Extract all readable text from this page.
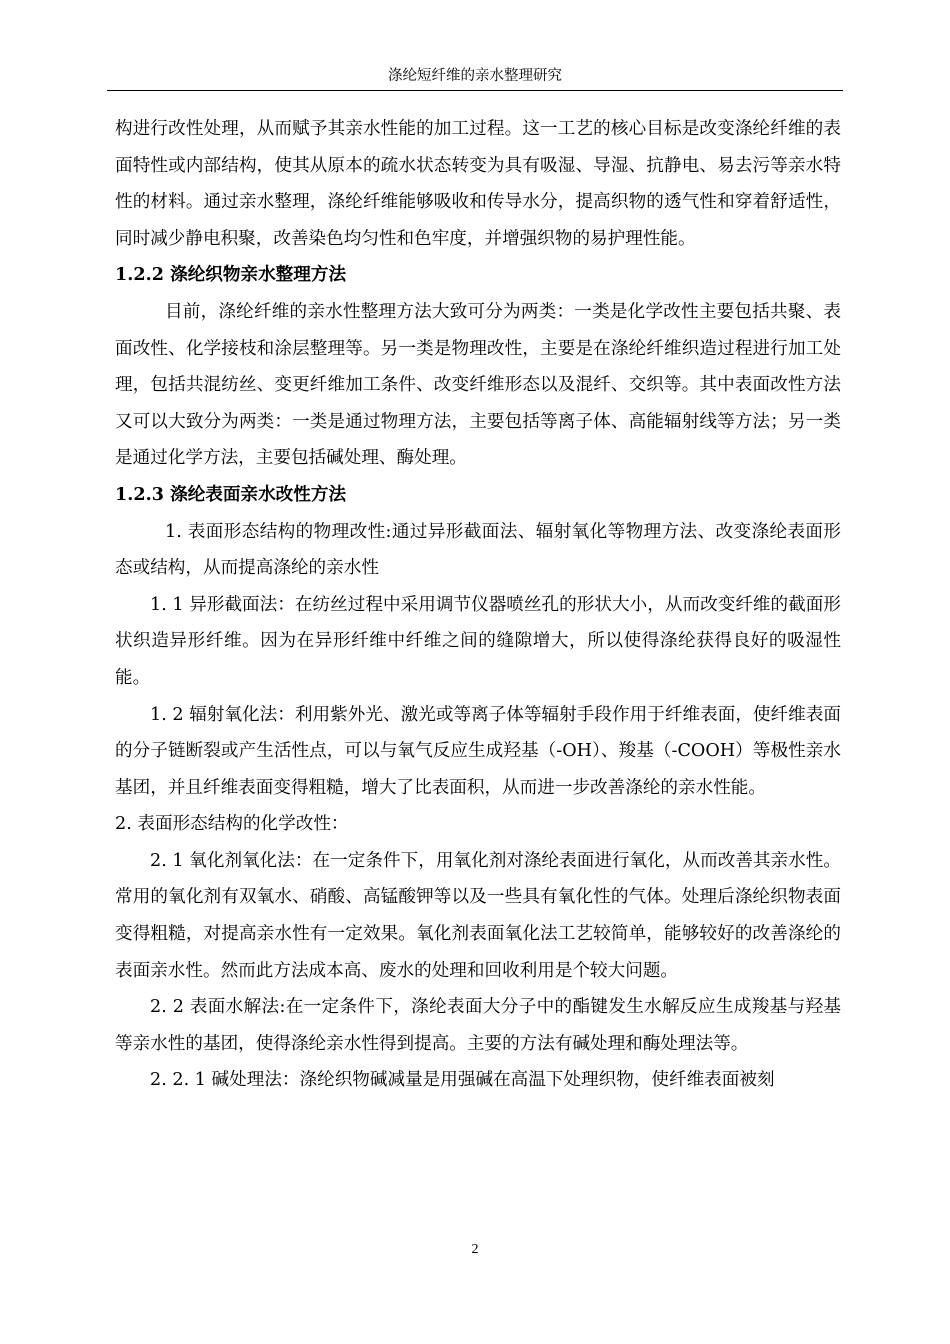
涤纶短纤维的亲水整理研究

构进行改性处理，从而赋予其亲水性能的加工过程。这一工艺的核心目标是改变涤纶纤维的表面特性或内部结构，使其从原本的疏水状态转变为具有吸湿、导湿、抗静电、易去污等亲水特性的材料。通过亲水整理，涤纶纤维能够吸收和传导水分，提高织物的透气性和穿着舒适性，同时减少静电积聚，改善染色均匀性和色牢度，并增强织物的易护理性能。

1.2.2 涤纶织物亲水整理方法

目前，涤纶纤维的亲水性整理方法大致可分为两类：一类是化学改性主要包括共聚、表面改性、化学接枝和涂层整理等。另一类是物理改性，主要是在涤纶纤维织造过程进行加工处理，包括共混纺丝、变更纤维加工条件、改变纤维形态以及混纤、交织等。其中表面改性方法又可以大致分为两类：一类是通过物理方法，主要包括等离子体、高能辐射线等方法；另一类是通过化学方法，主要包括碱处理、酶处理。

1.2.3 涤纶表面亲水改性方法

1. 表面形态结构的物理改性:通过异形截面法、辐射氧化等物理方法、改变涤纶表面形态或结构，从而提高涤纶的亲水性

1. 1 异形截面法：在纺丝过程中采用调节仪器喷丝孔的形状大小，从而改变纤维的截面形状织造异形纤维。因为在异形纤维中纤维之间的缝隙增大，所以使得涤纶获得良好的吸湿性能。

1. 2 辐射氧化法：利用紫外光、激光或等离子体等辐射手段作用于纤维表面，使纤维表面的分子链断裂或产生活性点，可以与氧气反应生成羟基（-OH）、羧基（-COOH）等极性亲水基团，并且纤维表面变得粗糙，增大了比表面积，从而进一步改善涤纶的亲水性能。

2. 表面形态结构的化学改性：

2. 1 氧化剂氧化法：在一定条件下，用氧化剂对涤纶表面进行氧化，从而改善其亲水性。常用的氧化剂有双氧水、硝酸、高锰酸钾等以及一些具有氧化性的气体。处理后涤纶织物表面变得粗糙，对提高亲水性有一定效果。氧化剂表面氧化法工艺较简单，能够较好的改善涤纶的表面亲水性。然而此方法成本高、废水的处理和回收利用是个较大问题。

2. 2 表面水解法:在一定条件下，涤纶表面大分子中的酯键发生水解反应生成羧基与羟基等亲水性的基团，使得涤纶亲水性得到提高。主要的方法有碱处理和酶处理法等。

2. 2. 1 碱处理法：涤纶织物碱减量是用强碱在高温下处理织物，使纤维表面被刻

2
